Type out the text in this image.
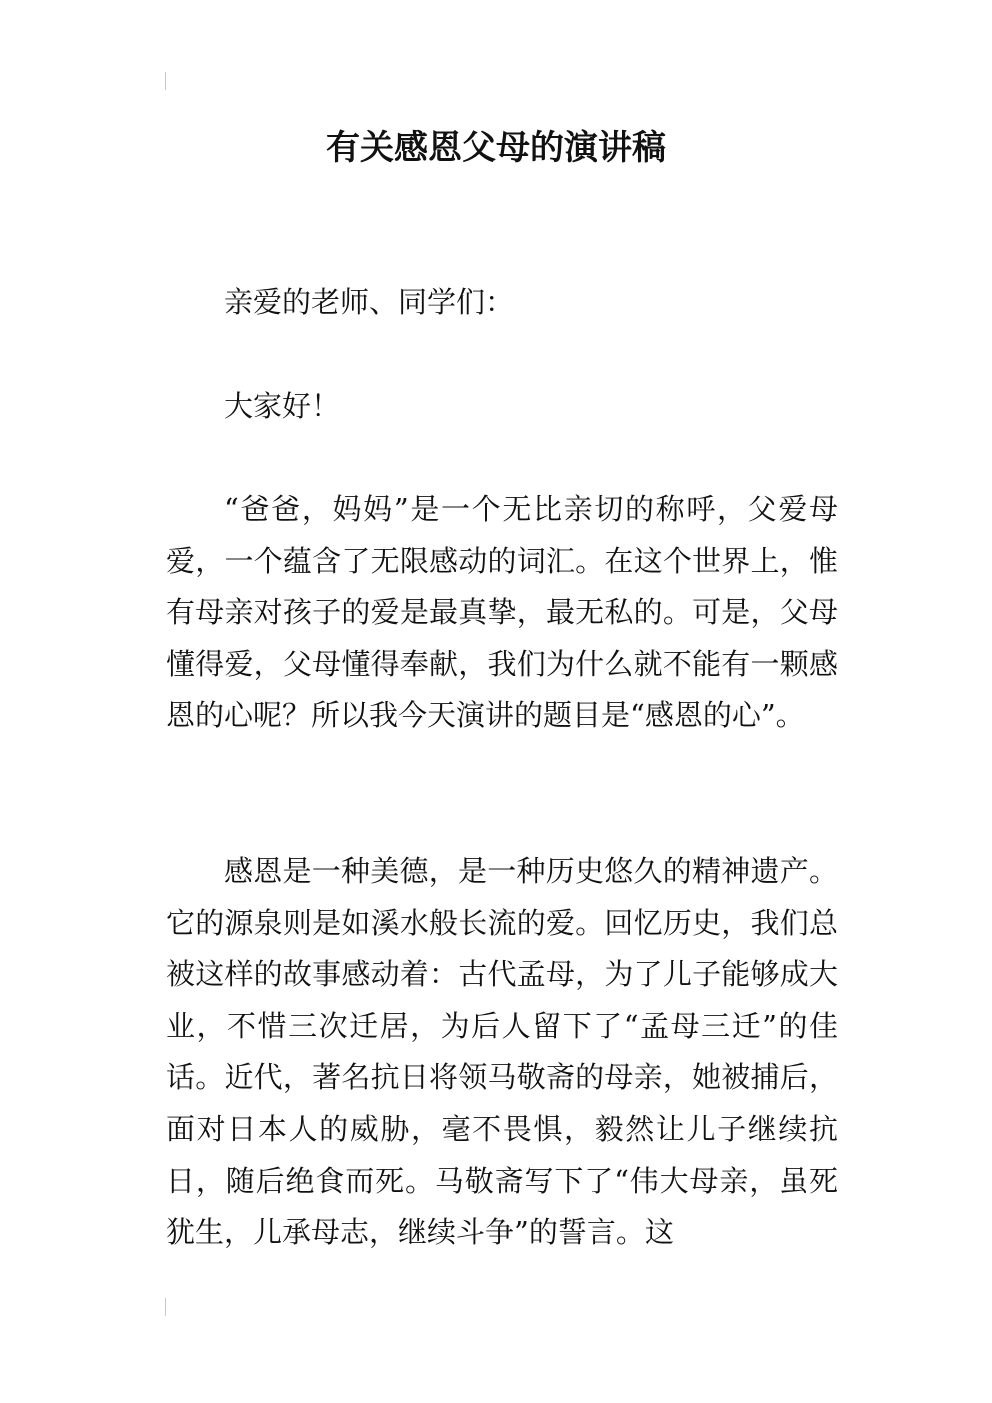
有关感恩父母的演讲稿

亲爱的老师、同学们：

大家好！

“爸爸，妈妈”是一个无比亲切的称呼，父爱母爱，一个蕴含了无限感动的词汇。在这个世界上，惟有母亲对孩子的爱是最真挚，最无私的。可是，父母懂得爱，父母懂得奉献，我们为什么就不能有一颗感恩的心呢？所以我今天演讲的题目是“感恩的心”。

感恩是一种美德，是一种历史悠久的精神遗产。它的源泉则是如溪水般长流的爱。回忆历史，我们总被这样的故事感动着：古代孟母，为了儿子能够成大业，不惜三次迁居，为后人留下了“孟母三迁”的佳话。近代，著名抗日将领马敬斋的母亲，她被捕后，面对日本人的威胁，毫不畏惧，毅然让儿子继续抗日，随后绝食而死。马敬斋写下了“伟大母亲，虽死犹生，儿承母志，继续斗争”的誓言。这
